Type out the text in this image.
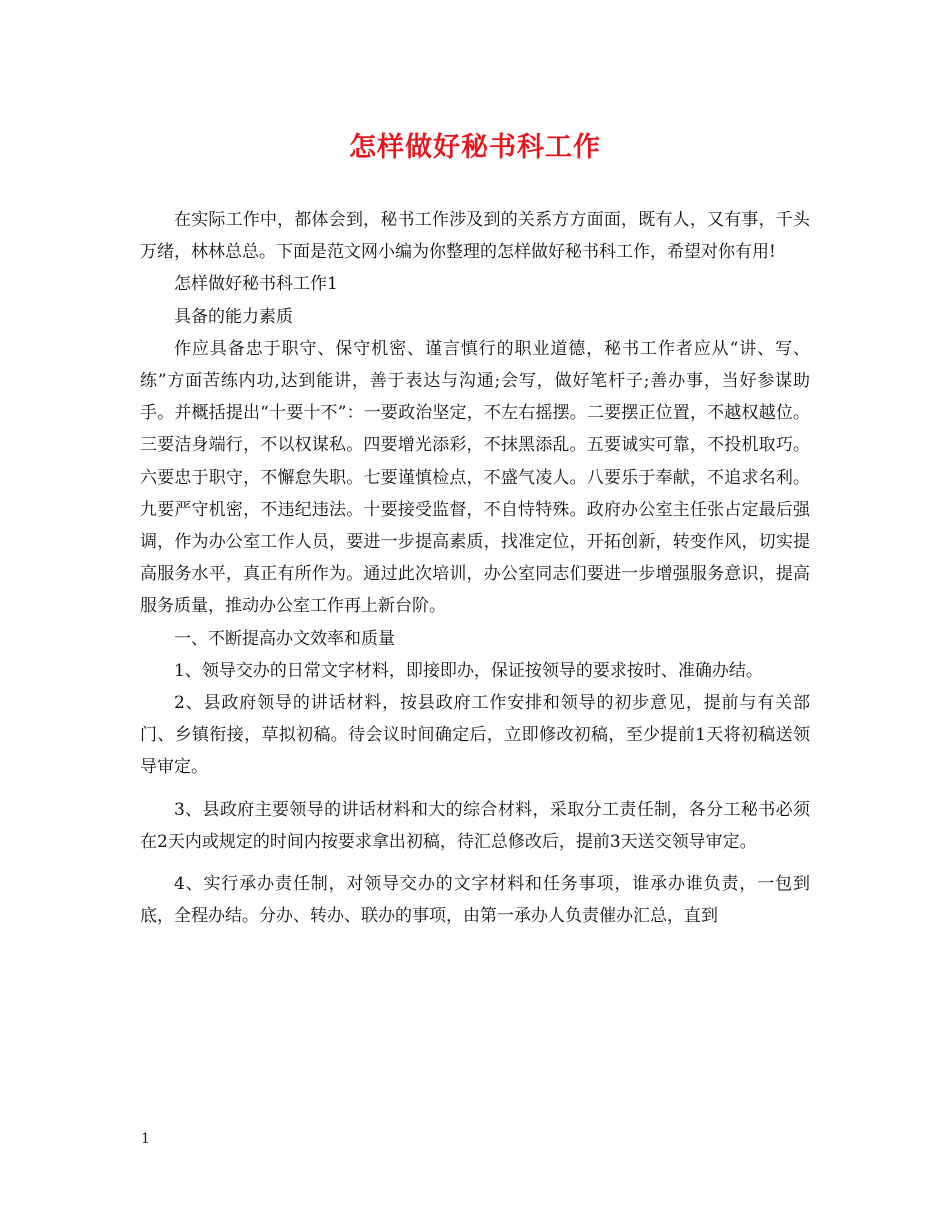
怎样做好秘书科工作

在实际工作中，都体会到，秘书工作涉及到的关系方方面面，既有人，又有事，千头万绪，林林总总。下面是范文网小编为你整理的怎样做好秘书科工作，希望对你有用!

怎样做好秘书科工作1

具备的能力素质

作应具备忠于职守、保守机密、谨言慎行的职业道德，秘书工作者应从“讲、写、练”方面苦练内功,达到能讲，善于表达与沟通;会写，做好笔杆子;善办事，当好参谋助手。并概括提出“十要十不”：一要政治坚定，不左右摇摆。二要摆正位置，不越权越位。三要洁身端行，不以权谋私。四要增光添彩，不抹黑添乱。五要诚实可靠，不投机取巧。六要忠于职守，不懈怠失职。七要谨慎检点，不盛气凌人。八要乐于奉献，不追求名利。九要严守机密，不违纪违法。十要接受监督，不自恃特殊。政府办公室主任张占定最后强调，作为办公室工作人员，要进一步提高素质，找准定位，开拓创新，转变作风，切实提高服务水平，真正有所作为。通过此次培训，办公室同志们要进一步增强服务意识，提高服务质量，推动办公室工作再上新台阶。

一、不断提高办文效率和质量

1、领导交办的日常文字材料，即接即办，保证按领导的要求按时、准确办结。

2、县政府领导的讲话材料，按县政府工作安排和领导的初步意见，提前与有关部门、乡镇衔接，草拟初稿。待会议时间确定后，立即修改初稿，至少提前1天将初稿送领导审定。

3、县政府主要领导的讲话材料和大的综合材料，采取分工责任制，各分工秘书必须在2天内或规定的时间内按要求拿出初稿，待汇总修改后，提前3天送交领导审定。

4、实行承办责任制，对领导交办的文字材料和任务事项，谁承办谁负责，一包到底，全程办结。分办、转办、联办的事项，由第一承办人负责催办汇总，直到

1
